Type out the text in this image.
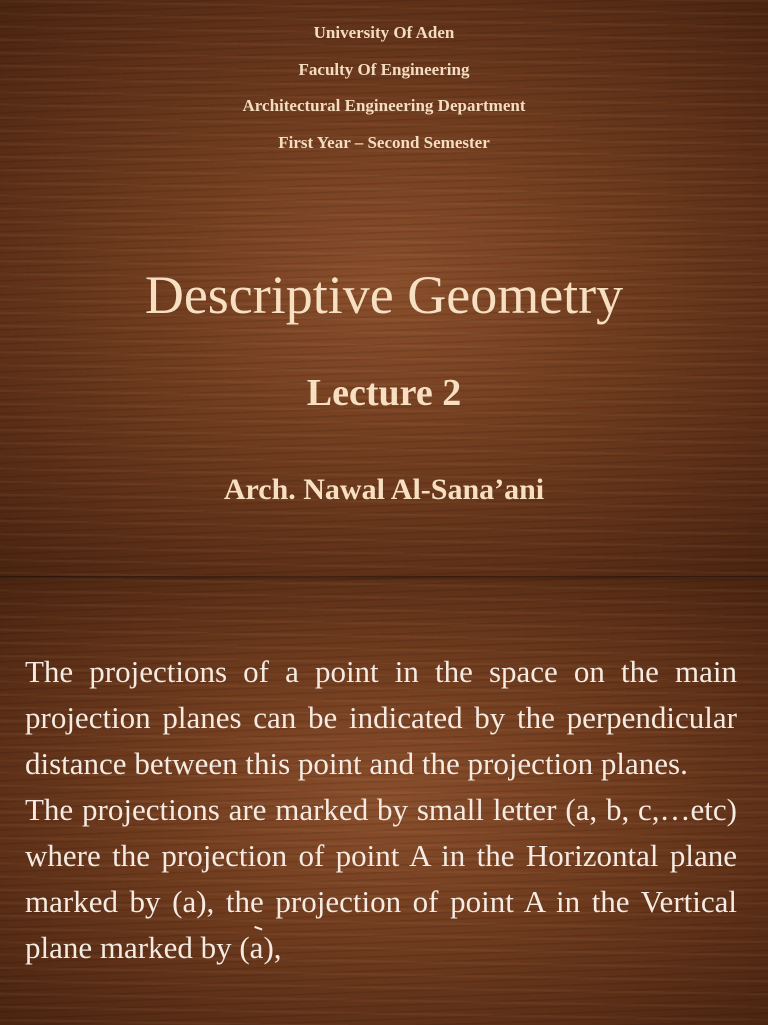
University Of Aden
Faculty Of Engineering
Architectural Engineering Department
First Year – Second Semester
Descriptive Geometry
Lecture 2
Arch. Nawal Al-Sana’ani

The projections of a point in the space on the main projection planes can be indicated by the perpendicular distance between this point and the projection planes.

The projections are marked by small letter (a, b, c,…etc) where the projection of point A in the Horizontal plane marked by (a), the projection of point A in the Vertical plane marked by (a),
